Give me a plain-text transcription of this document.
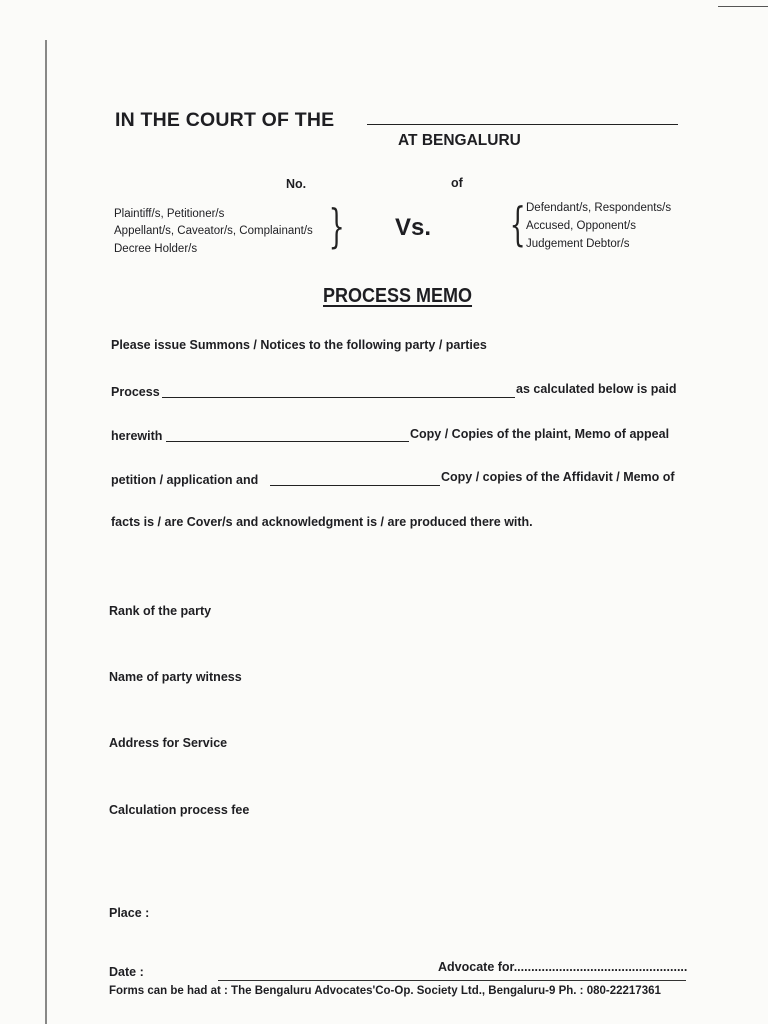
IN THE COURT OF THE
AT BENGALURU
No.	of
Plaintiff/s, Petitioner/s
Appellant/s, Caveator/s, Complainant/s
Decree Holder/s	} Vs. { Defendant/s, Respondents/s
Accused, Opponent/s
Judgement Debtor/s
PROCESS MEMO
Please issue Summons / Notices to the following party / parties
Process	as calculated below is paid
herewith	Copy / Copies of the plaint, Memo of appeal
petition / application and	Copy / copies of the Affidavit / Memo of
facts is / are Cover/s and acknowledgment is / are produced there with.
Rank of the party
Name of party witness
Address for Service
Calculation process fee
Place :
Date :	Advocate for..................................................
Forms can be had at : The Bengaluru Advocates'Co-Op. Society Ltd., Bengaluru-9 Ph. : 080-22217361
